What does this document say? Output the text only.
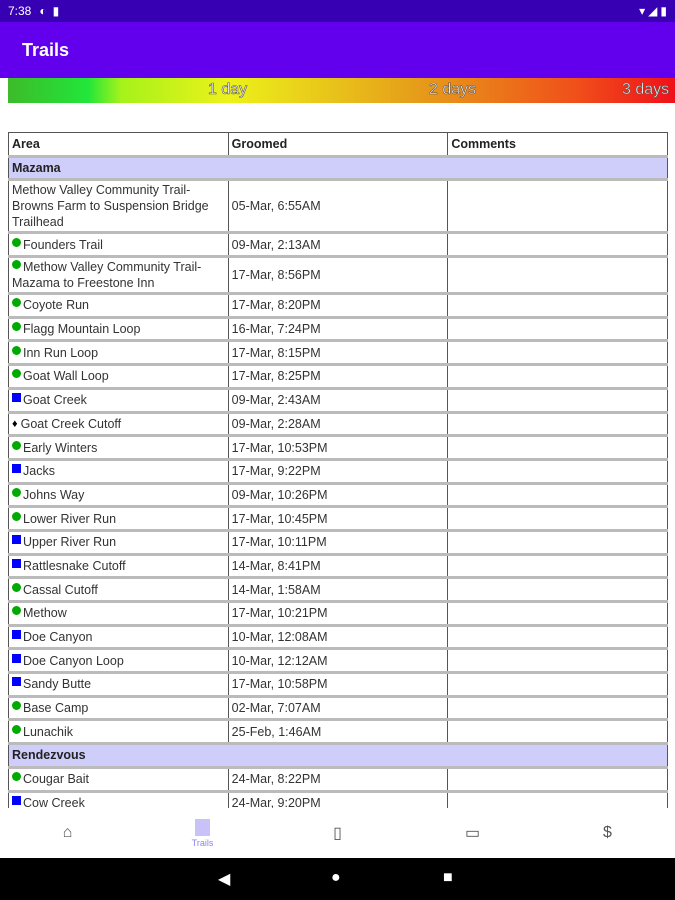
7:38 ◐ ▮	▾ ◢ ▮
Trails
1 day	2 days	3 days
Area	Groomed	Comments
Mazama		
Methow Valley Community Trail- Browns Farm to Suspension Bridge Trailhead	05-Mar, 6:55AM	
Founders Trail	09-Mar, 2:13AM	
Methow Valley Community Trail- Mazama to Freestone Inn	17-Mar, 8:56PM	
Coyote Run	17-Mar, 8:20PM	
Flagg Mountain Loop	16-Mar, 7:24PM	
Inn Run Loop	17-Mar, 8:15PM	
Goat Wall Loop	17-Mar, 8:25PM	
Goat Creek	09-Mar, 2:43AM	
♦ Goat Creek Cutoff	09-Mar, 2:28AM	
Early Winters	17-Mar, 10:53PM	
Jacks	17-Mar, 9:22PM	
Johns Way	09-Mar, 10:26PM	
Lower River Run	17-Mar, 10:45PM	
Upper River Run	17-Mar, 10:11PM	
Rattlesnake Cutoff	14-Mar, 8:41PM	
Cassal Cutoff	14-Mar, 1:58AM	
Methow	17-Mar, 10:21PM	
Doe Canyon	10-Mar, 12:08AM	
Doe Canyon Loop	10-Mar, 12:12AM	
Sandy Butte	17-Mar, 10:58PM	
Base Camp	02-Mar, 7:07AM	
Lunachik	25-Feb, 1:46AM	
Rendezvous		
Cougar Bait	24-Mar, 8:22PM	
Cow Creek	24-Mar, 9:20PM	
⌂
Trails
▯	▭	$
◀	●	■
